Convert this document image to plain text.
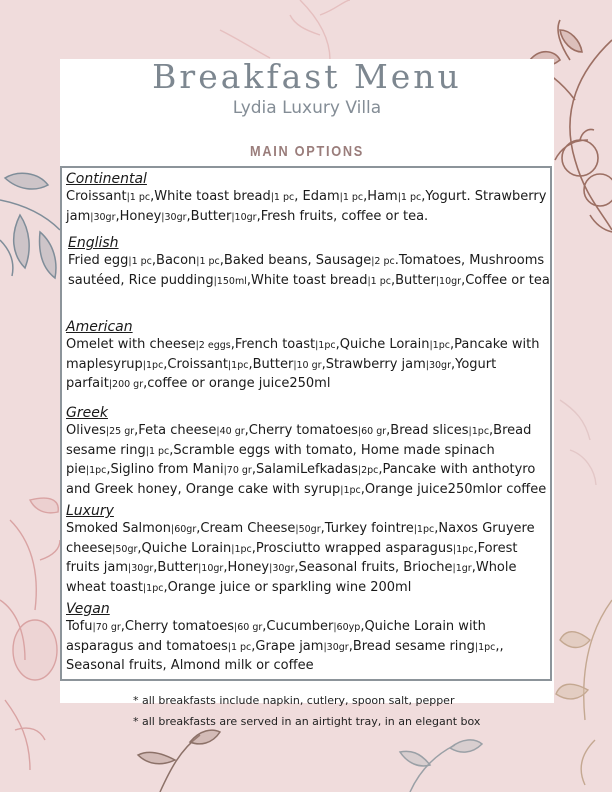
Breakfast Menu
Lydia Luxury Villa
MAIN OPTIONS
Continental
Croissant|1 pc,White toast bread|1 pc, Edam|1 pc,Ham|1 pc,Yogurt. Strawberry jam|30gr,Honey|30gr,Butter|10gr,Fresh fruits, coffee or tea.
English
Fried egg|1 pc,Bacon|1 pc,Baked beans, Sausage|2 pc.Tomatoes, Mushrooms sautéed, Rice pudding|150ml,White toast bread|1 pc,Butter|10gr,Coffee or tea
American
Omelet with cheese|2 eggs,French toast|1pc,Quiche Lorain|1pc,Pancake with maplesyrup|1pc,Croissant|1pc,Butter|10 gr,Strawberry jam|30gr,Yogurt parfait|200 gr,coffee or orange juice250ml
Greek
Olives|25 gr,Feta cheese|40 gr,Cherry tomatoes|60 gr,Bread slices|1pc,Bread sesame ring|1 pc,Scramble eggs with tomato, Home made spinach pie|1pc,Siglino from Mani|70 gr,SalamiLefkadas|2pc,Pancake with anthotyro and Greek honey, Orange cake with syrup|1pc,Orange juice250mlor coffee
Luxury
Smoked Salmon|60gr,Cream Cheese|50gr,Turkey fointre|1pc,Naxos Gruyere cheese|50gr,Quiche Lorain|1pc,Prosciutto wrapped asparagus|1pc,Forest fruits jam|30gr,Butter|10gr,Honey|30gr,Seasonal fruits, Brioche|1gr,Whole wheat toast|1pc,Orange juice or sparkling wine 200ml
Vegan
Tofu|70 gr,Cherry tomatoes|60 gr,Cucumber|60yp,Quiche Lorain with asparagus and tomatoes|1 pc,Grape jam|30gr,Bread sesame ring|1pc,, Seasonal fruits, Almond milk or coffee
* all breakfasts include napkin, cutlery, spoon salt, pepper
* all breakfasts are served in an airtight tray, in an elegant box
